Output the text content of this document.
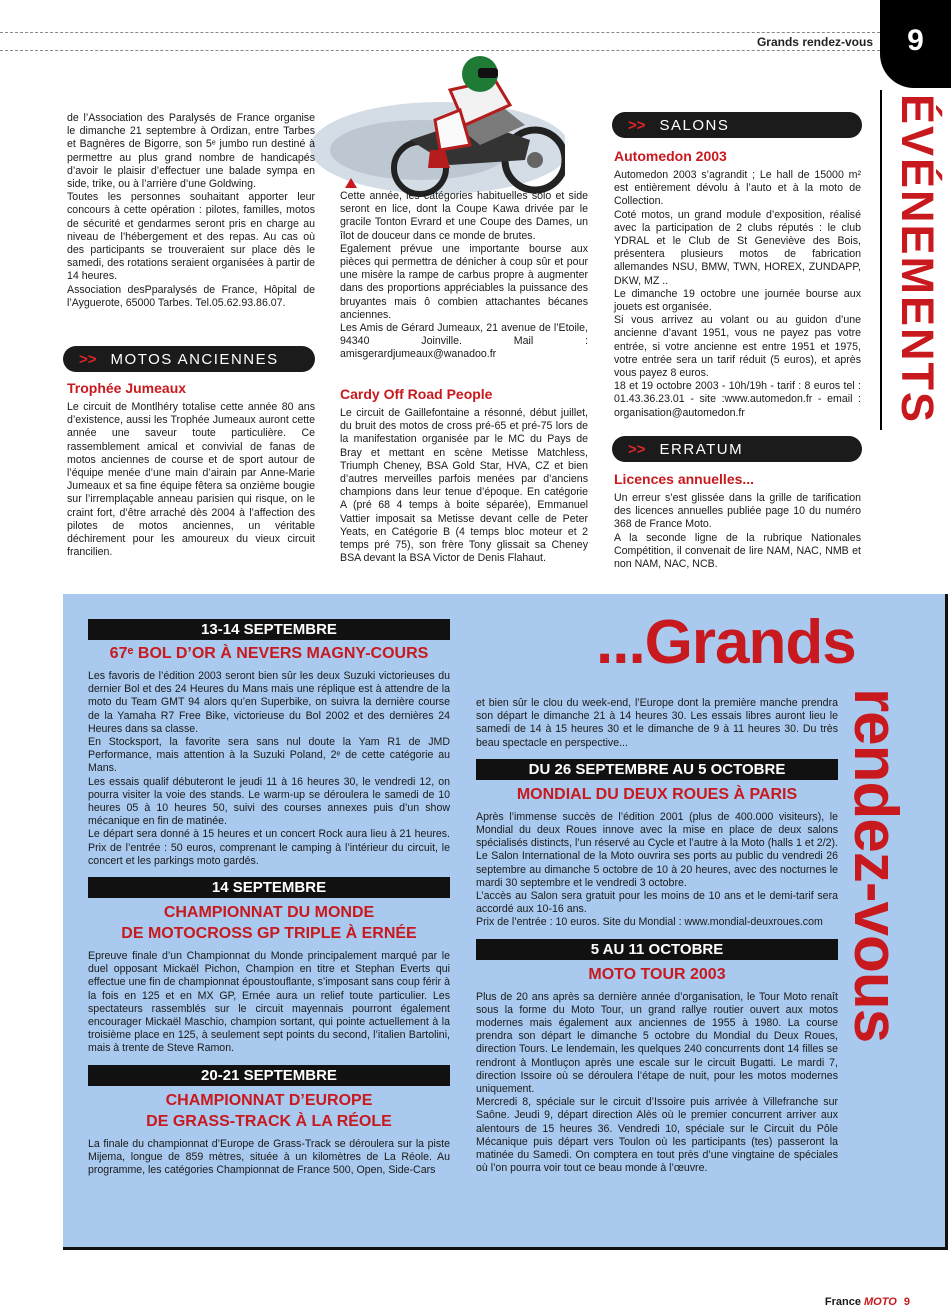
Grands rendez-vous	9
ÉVÉNEMENTS

de l’Association des Paralysés de France organise le dimanche 21 septembre à Ordizan, entre Tarbes et Bagnères de Bigorre, son 5ᵉ jumbo run destiné à permettre au plus grand nombre de handicapés d’avoir le plaisir d’effectuer une balade sympa en side, trike, ou à l’arrière d’une Goldwing.

Toutes les personnes souhaitant apporter leur concours à cette opération : pilotes, familles, motos de sécurité et gendarmes seront pris en charge au niveau de l’hébergement et des repas. Au cas où des participants se trouveraient sur place dès le samedi, des rotations seraient organisées à partir de 14 heures.

Association desPparalysés de France, Hôpital de l’Ayguerote, 65000 Tarbes. Tel.05.62.93.86.07.

>> MOTOS ANCIENNES
Trophée Jumeaux

Le circuit de Montlhéry totalise cette année 80 ans d’existence, aussi les Trophée Jumeaux auront cette année une saveur toute particulière. Ce rassemblement amical et convivial de fanas de motos anciennes de course et de sport autour de l’équipe menée d’une main d’airain par Anne-Marie Jumeaux et sa fine équipe fêtera sa onzième bougie sur l’irremplaçable anneau parisien qui risque, on le craint fort, d’être arraché dès 2004 à l’affection des pilotes de motos anciennes, un véritable déchirement pour les amoureux du vieux circuit francilien.

Cette année, les catégories habituelles solo et side seront en lice, dont la Coupe Kawa drivée par le gracile Tonton Evrard et une Coupe des Dames, un îlot de douceur dans ce monde de brutes.

Egalement prévue une importante bourse aux pièces qui permettra de dénicher à coup sûr et pour une misère la rampe de carbus propre à augmenter dans des proportions appréciables la puissance des bruyantes mais ô combien attachantes bécanes anciennes.

Les Amis de Gérard Jumeaux, 21 avenue de l’Etoile, 94340 Joinville. Mail : amisgerardjumeaux@wanadoo.fr

Cardy Off Road People

Le circuit de Gaillefontaine a résonné, début juillet, du bruit des motos de cross pré-65 et pré-75 lors de la manifestation organisée par le MC du Pays de Bray et mettant en scène Metisse Matchless, Triumph Cheney, BSA Gold Star, HVA, CZ et bien d’autres merveilles parfois menées par d’anciens champions dans leur tenue d’époque. En catégorie A (pré 68 4 temps à boite séparée), Emmanuel Vattier imposait sa Metisse devant celle de Peter Yeats, en Catégorie B (4 temps bloc moteur et 2 temps pré 75), son frère Tony glissait sa Cheney BSA devant la BSA Victor de Denis Flahaut.

>> SALONS
Automedon 2003

Automedon 2003 s’agrandit ; Le hall de 15000 m² est entièrement dévolu à l’auto et à la moto de Collection.

Coté motos, un grand module d’exposition, réalisé avec la participation de 2 clubs réputés : le club YDRAL et le Club de St Geneviève des Bois, présentera plusieurs motos de fabrication allemandes NSU, BMW, TWN, HOREX, ZUNDAPP, DKW, MZ ..

Le dimanche 19 octobre une journée bourse aux jouets est organisée.

Si vous arrivez au volant ou au guidon d’une ancienne d’avant 1951, vous ne payez pas votre entrée, si votre ancienne est entre 1951 et 1975, votre entrée sera un tarif réduit (5 euros), et après vous payez 8 euros.

18 et 19 octobre 2003 - 10h/19h - tarif : 8 euros tel : 01.43.36.23.01 - site :www.automedon.fr - email : organisation@automedon.fr

>> ERRATUM
Licences annuelles...

Un erreur s’est glissée dans la grille de tarification des licences annuelles publiée page 10 du numéro 368 de France Moto.

A la seconde ligne de la rubrique Nationales Compétition, il convenait de lire NAM, NAC, NMB et non NAM, NAC, NCB.

...Grands
rendez-vous
13-14 SEPTEMBRE
67ᵉ BOL D’OR À NEVERS MAGNY-COURS

Les favoris de l’édition 2003 seront bien sûr les deux Suzuki victorieuses du dernier Bol et des 24 Heures du Mans mais une réplique est à attendre de la moto du Team GMT 94 alors qu’en Superbike, on suivra la dernière course de la Yamaha R7 Free Bike, victorieuse du Bol 2002 et des dernières 24 Heures dans sa classe.

En Stocksport, la favorite sera sans nul doute la Yam R1 de JMD Performance, mais attention à la Suzuki Poland, 2ᵉ de cette catégorie au Mans.

Les essais qualif débuteront le jeudi 11 à 16 heures 30, le vendredi 12, on pourra visiter la voie des stands. Le warm-up se déroulera le samedi de 10 heures 05 à 10 heures 50, suivi des courses annexes puis d’un show mécanique en fin de matinée.

Le départ sera donné à 15 heures et un concert Rock aura lieu à 21 heures. Prix de l’entrée : 50 euros, comprenant le camping à l’intérieur du circuit, le concert et les parkings moto gardés.

14 SEPTEMBRE
CHAMPIONNAT DU MONDE
DE MOTOCROSS GP TRIPLE À ERNÉE

Epreuve finale d’un Championnat du Monde principalement marqué par le duel opposant Mickaël Pichon, Champion en titre et Stephan Everts qui effectue une fin de championnat époustouflante, s’imposant sans coup férir à la fois en 125 et en MX GP, Ernée aura un relief toute particulier. Les spectateurs rassemblés sur le circuit mayennais pourront également encourager Mickaël Maschio, champion sortant, qui pointe actuellement à la troisième place en 125, à seulement sept points du second, l’italien Bartolini, mais à trente de Steve Ramon.

20-21 SEPTEMBRE
CHAMPIONNAT D’EUROPE
DE GRASS-TRACK À LA RÉOLE

La finale du championnat d’Europe de Grass-Track se déroulera sur la piste Mijema, longue de 859 mètres, située à un kilomètres de La Réole. Au programme, les catégories Championnat de France 500, Open, Side-Cars

et bien sûr le clou du week-end, l’Europe dont la première manche prendra son départ le dimanche 21 à 14 heures 30. Les essais libres auront lieu le samedi de 14 à 15 heures 30 et le dimanche de 9 à 11 heures 30. Du très beau spectacle en perspective...

DU 26 SEPTEMBRE AU 5 OCTOBRE
MONDIAL DU DEUX ROUES À PARIS

Après l’immense succès de l’édition 2001 (plus de 400.000 visiteurs), le Mondial du deux Roues innove avec la mise en place de deux salons spécialisés distincts, l’un réservé au Cycle et l’autre à la Moto (halls 1 et 2/2). Le Salon International de la Moto ouvrira ses ports au public du vendredi 26 septembre au dimanche 5 octobre de 10 à 20 heures, avec des nocturnes le mardi 30 septembre et le vendredi 3 octobre.

L’accès au Salon sera gratuit pour les moins de 10 ans et le demi-tarif sera accordé aux 10-16 ans.

Prix de l’entrée : 10 euros. Site du Mondial : www.mondial-deuxroues.com

5 AU 11 OCTOBRE
MOTO TOUR 2003

Plus de 20 ans après sa dernière année d’organisation, le Tour Moto renaît sous la forme du Moto Tour, un grand rallye routier ouvert aux motos modernes mais également aux anciennes de 1955 à 1980. La course prendra son départ le dimanche 5 octobre du Mondial du Deux Roues, direction Tours. Le lendemain, les quelques 240 concurrents dont 14 filles se rendront à Montluçon après une escale sur le circuit Bugatti. Le mardi 7, direction Issoire où se déroulera l’étape de nuit, pour les motos modernes uniquement.

Mercredi 8, spéciale sur le circuit d’Issoire puis arrivée à Villefranche sur Saône. Jeudi 9, départ direction Alès où le premier concurrent arriver aux alentours de 15 heures 36. Vendredi 10, spéciale sur le Circuit du Pôle Mécanique puis départ vers Toulon où les participants (tes) passeront la matinée du Samedi. On comptera en tout près d’une vingtaine de spéciales où l’on pourra voir tout ce beau monde à l’œuvre.

France MOTO 9
